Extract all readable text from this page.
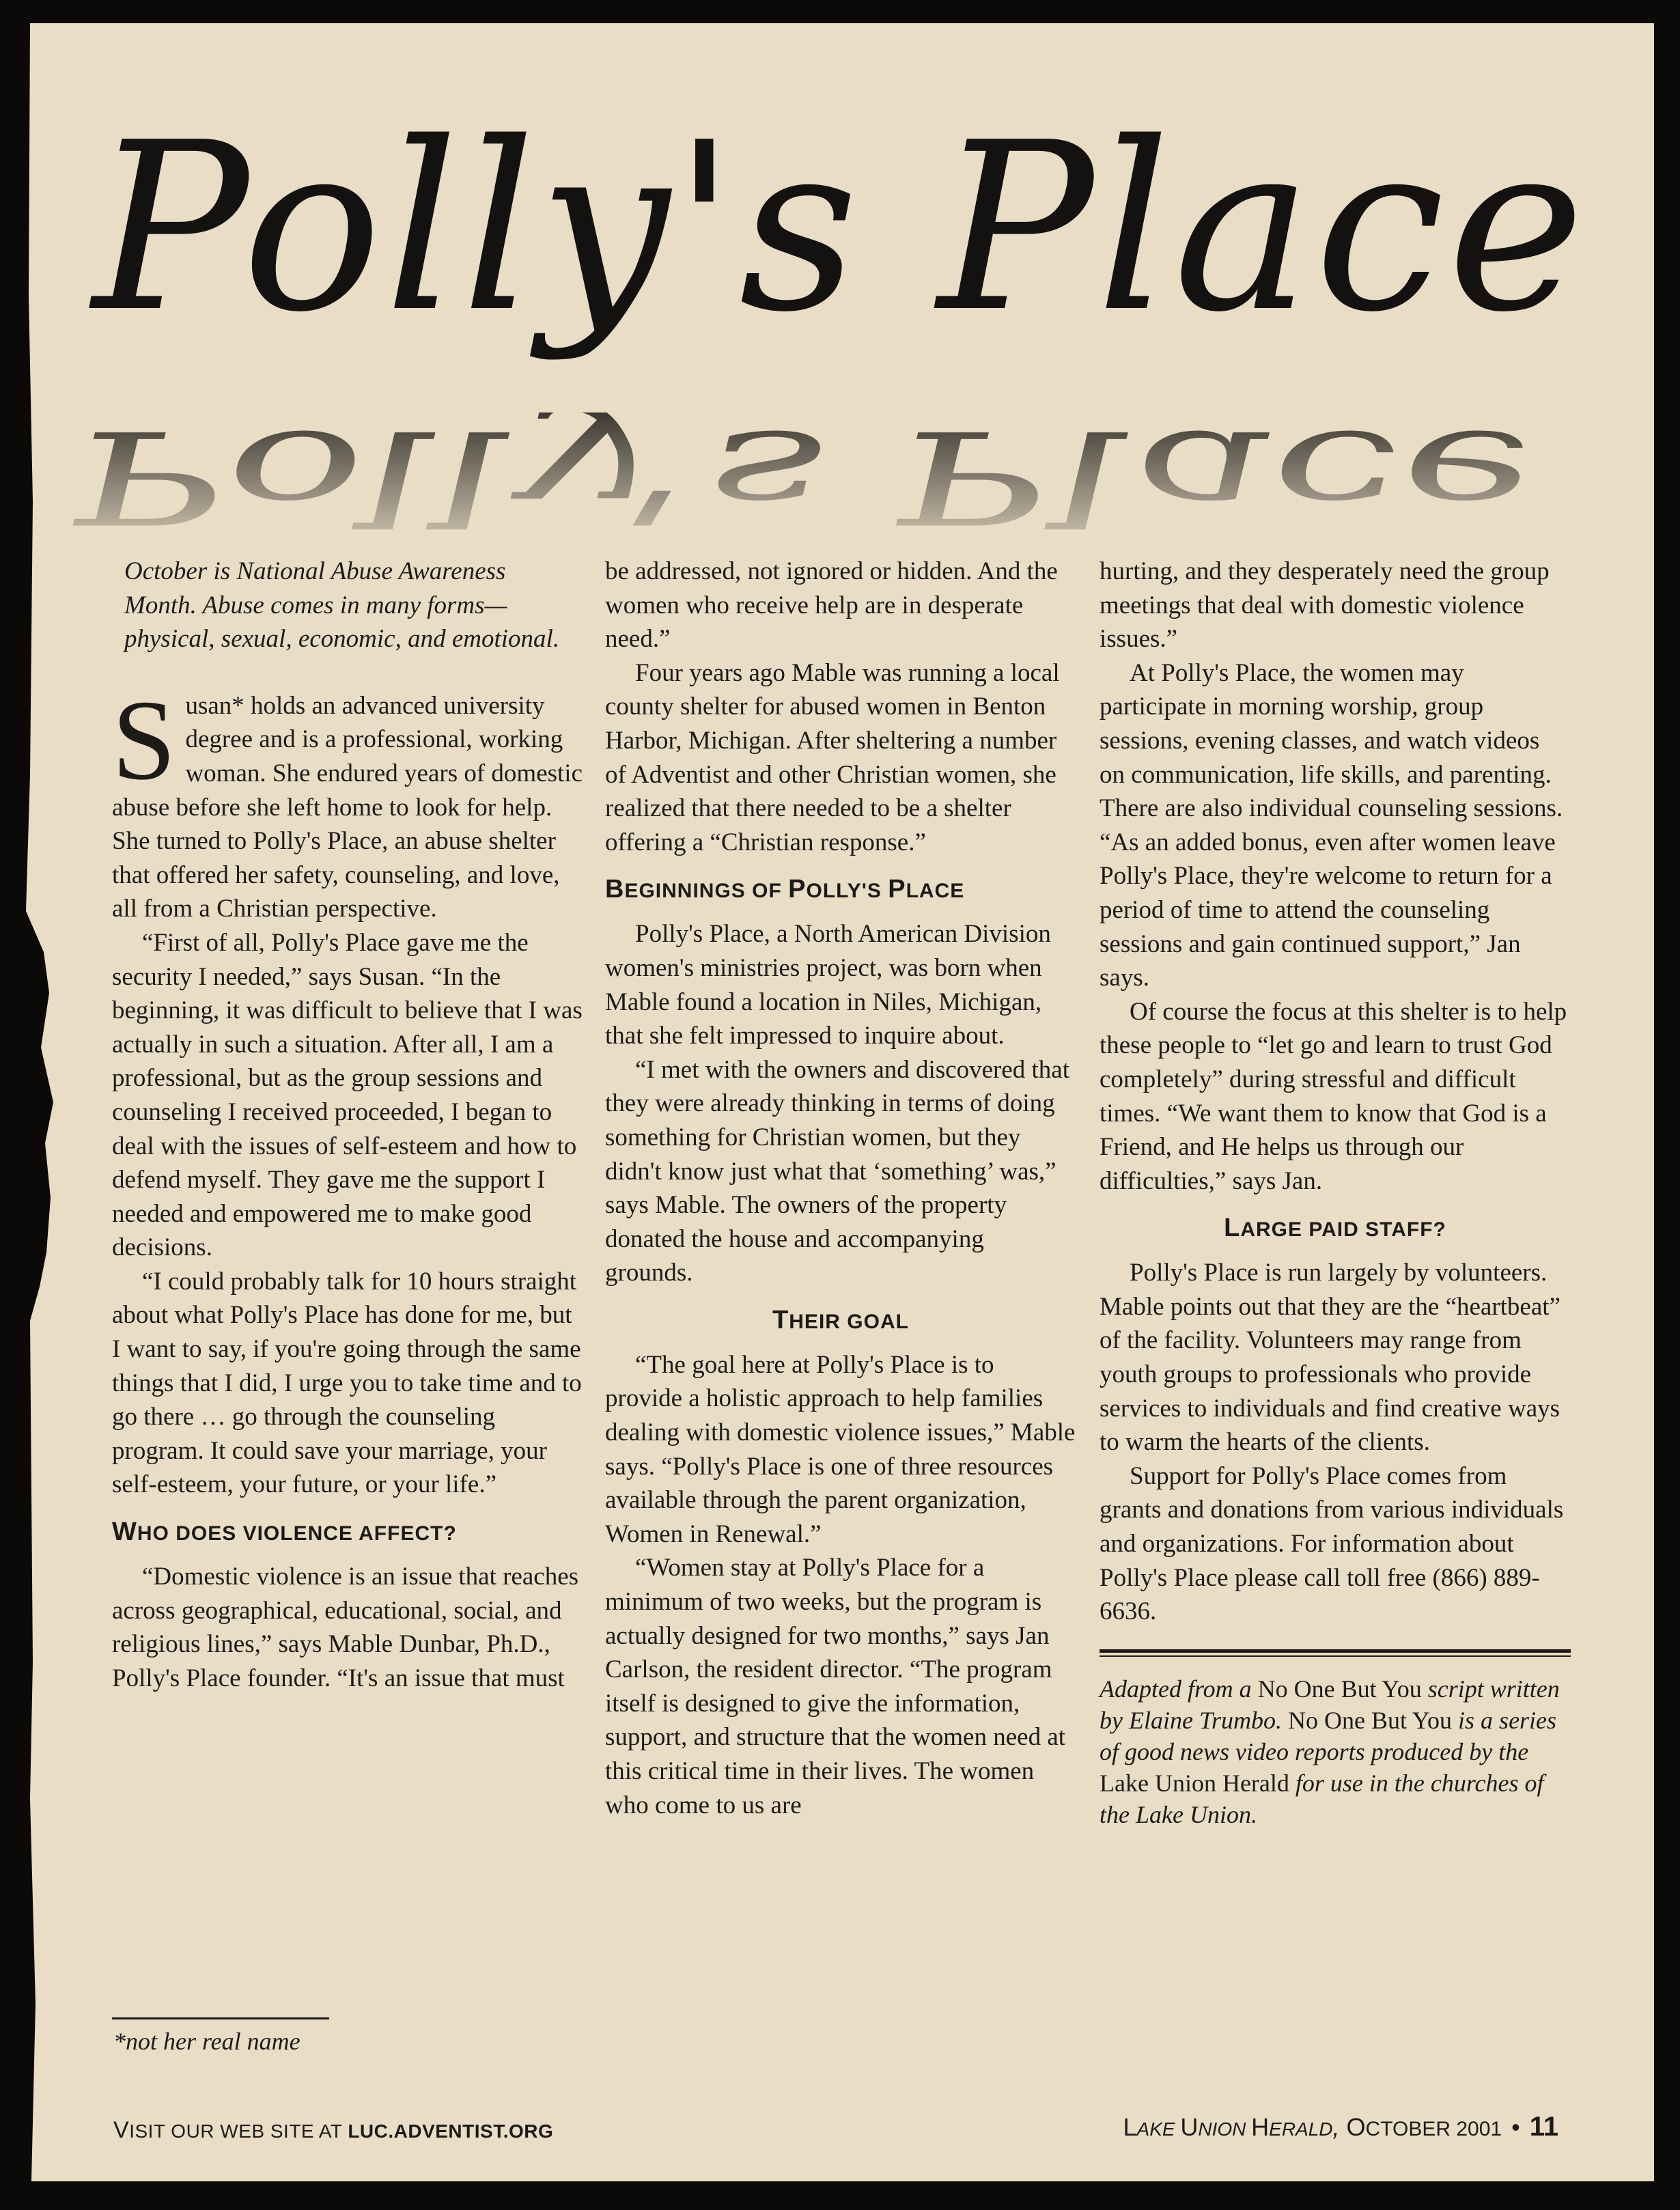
Polly's Place
Polly's Place

October is National Abuse Awareness Month. Abuse comes in many forms—physical, sexual, economic, and emotional.

Susan* holds an advanced university degree and is a professional, working woman. She endured years of domestic abuse before she left home to look for help. She turned to Polly's Place, an abuse shelter that offered her safety, counseling, and love, all from a Christian perspective.

“First of all, Polly's Place gave me the security I needed,” says Susan. “In the beginning, it was difficult to believe that I was actually in such a situation. After all, I am a professional, but as the group sessions and counseling I received proceeded, I began to deal with the issues of self-esteem and how to defend myself. They gave me the support I needed and empowered me to make good decisions.

“I could probably talk for 10 hours straight about what Polly's Place has done for me, but I want to say, if you're going through the same things that I did, I urge you to take time and to go there … go through the counseling program. It could save your marriage, your self-esteem, your future, or your life.”

WHO DOES VIOLENCE AFFECT?

“Domestic violence is an issue that reaches across geographical, educational, social, and religious lines,” says Mable Dunbar, Ph.D., Polly's Place founder. “It's an issue that must

be addressed, not ignored or hidden. And the women who receive help are in desperate need.”

Four years ago Mable was running a local county shelter for abused women in Benton Harbor, Michigan. After sheltering a number of Adventist and other Christian women, she realized that there needed to be a shelter offering a “Christian response.”

BEGINNINGS OF POLLY'S PLACE

Polly's Place, a North American Division women's ministries project, was born when Mable found a location in Niles, Michigan, that she felt impressed to inquire about.

“I met with the owners and discovered that they were already thinking in terms of doing something for Christian women, but they didn't know just what that ‘something’ was,” says Mable. The owners of the property donated the house and accompanying grounds.

THEIR GOAL

“The goal here at Polly's Place is to provide a holistic approach to help families dealing with domestic violence issues,” Mable says. “Polly's Place is one of three resources available through the parent organization, Women in Renewal.”

“Women stay at Polly's Place for a minimum of two weeks, but the program is actually designed for two months,” says Jan Carlson, the resident director. “The program itself is designed to give the information, support, and structure that the women need at this critical time in their lives. The women who come to us are

hurting, and they desperately need the group meetings that deal with domestic violence issues.”

At Polly's Place, the women may participate in morning worship, group sessions, evening classes, and watch videos on communication, life skills, and parenting. There are also individual counseling sessions. “As an added bonus, even after women leave Polly's Place, they're welcome to return for a period of time to attend the counseling sessions and gain continued support,” Jan says.

Of course the focus at this shelter is to help these people to “let go and learn to trust God completely” during stressful and difficult times. “We want them to know that God is a Friend, and He helps us through our difficulties,” says Jan.

LARGE PAID STAFF?

Polly's Place is run largely by volunteers. Mable points out that they are the “heartbeat” of the facility. Volunteers may range from youth groups to professionals who provide services to individuals and find creative ways to warm the hearts of the clients.

Support for Polly's Place comes from grants and donations from various individuals and organizations. For information about Polly's Place please call toll free (866) 889-6636.

Adapted from a No One But You script written by Elaine Trumbo. No One But You is a series of good news video reports produced by the Lake Union Herald for use in the churches of the Lake Union.

*not her real name
VISIT OUR WEB SITE AT LUC.ADVENTIST.ORG	LAKE UNION HERALD, OCTOBER 2001 • 11
